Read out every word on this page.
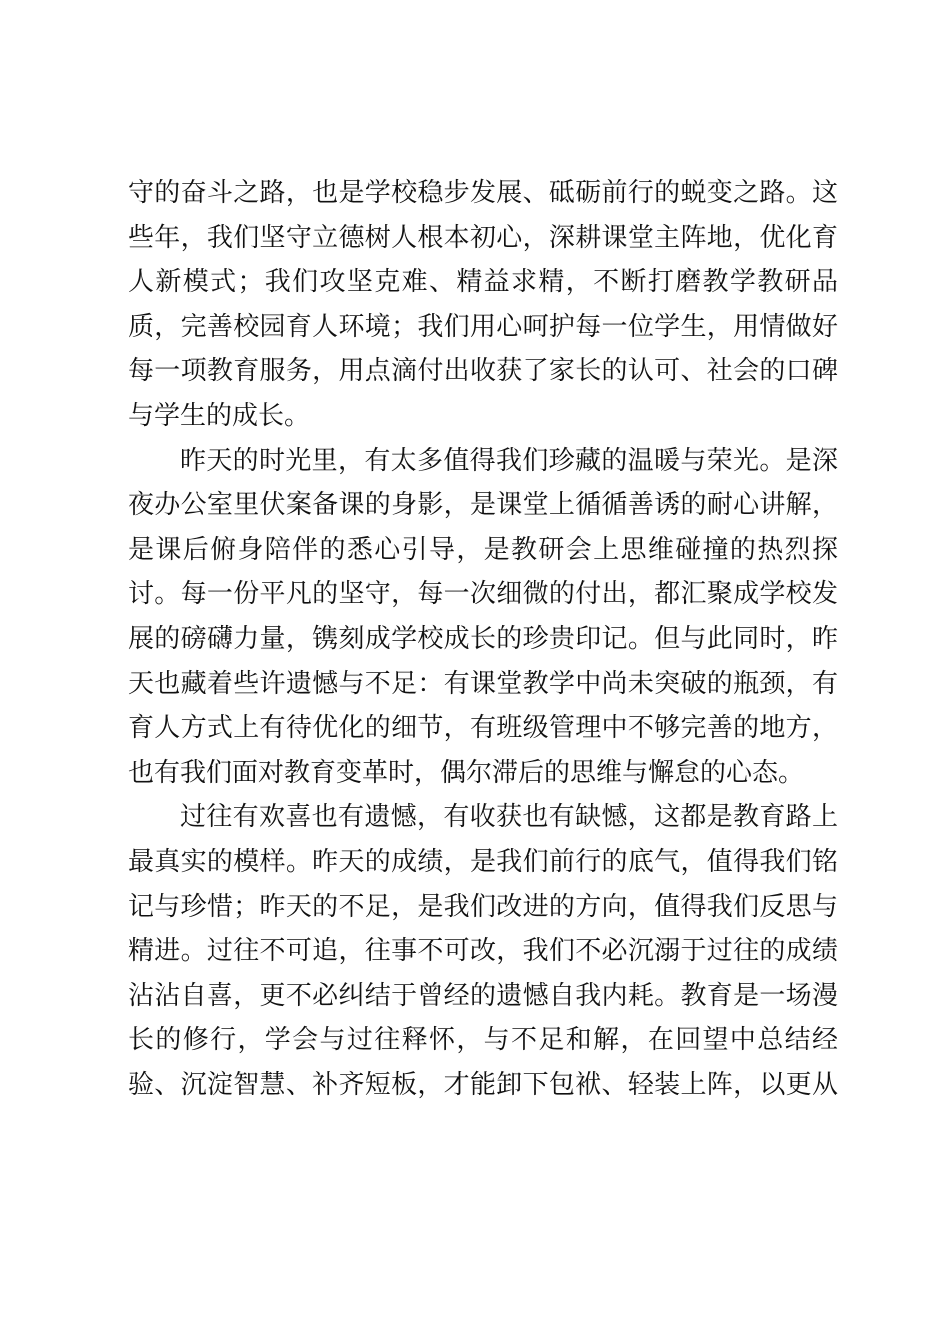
守的奋斗之路，也是学校稳步发展、砥砺前行的蜕变之路。这
些年，我们坚守立德树人根本初心，深耕课堂主阵地，优化育
人新模式；我们攻坚克难、精益求精，不断打磨教学教研品
质，完善校园育人环境；我们用心呵护每一位学生，用情做好
每一项教育服务，用点滴付出收获了家长的认可、社会的口碑
与学生的成长。
昨天的时光里，有太多值得我们珍藏的温暖与荣光。是深
夜办公室里伏案备课的身影，是课堂上循循善诱的耐心讲解，
是课后俯身陪伴的悉心引导，是教研会上思维碰撞的热烈探
讨。每一份平凡的坚守，每一次细微的付出，都汇聚成学校发
展的磅礴力量，镌刻成学校成长的珍贵印记。但与此同时，昨
天也藏着些许遗憾与不足：有课堂教学中尚未突破的瓶颈，有
育人方式上有待优化的细节，有班级管理中不够完善的地方，
也有我们面对教育变革时，偶尔滞后的思维与懈怠的心态。
过往有欢喜也有遗憾，有收获也有缺憾，这都是教育路上
最真实的模样。昨天的成绩，是我们前行的底气，值得我们铭
记与珍惜；昨天的不足，是我们改进的方向，值得我们反思与
精进。过往不可追，往事不可改，我们不必沉溺于过往的成绩
沾沾自喜，更不必纠结于曾经的遗憾自我内耗。教育是一场漫
长的修行，学会与过往释怀，与不足和解，在回望中总结经
验、沉淀智慧、补齐短板，才能卸下包袱、轻装上阵，以更从
